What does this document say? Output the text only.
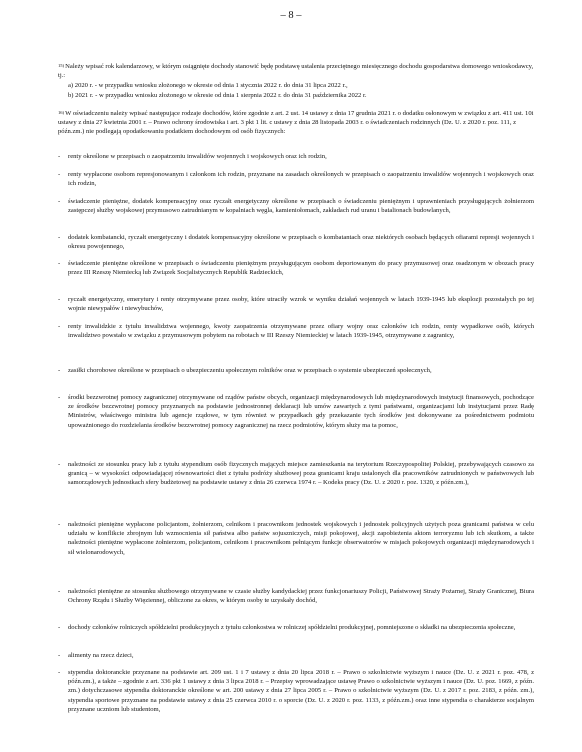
– 8 –
$^{15)}$Należy wpisać rok kalendarzowy, w którym osiągnięte dochody stanowić będę podstawę ustalenia przeciętnego miesięcznego dochodu gospodarstwa domowego wnioskodawcy, tj.:
a) 2020 r. - w przypadku wniosku złożonego w okresie od dnia 1 stycznia 2022 r. do dnia 31 lipca 2022 r.,
b) 2021 r. - w przypadku wniosku złożonego w okresie od dnia 1 sierpnia 2022 r. do dnia 31 października 2022 r.
$^{16)}$W oświadczeniu należy wpisać następujące rodzaje dochodów, które zgodnie z art. 2 ust. 14 ustawy z dnia 17 grudnia 2021 r. o dodatku osłonowym w związku z art. 411 ust. 10i ustawy z dnia 27 kwietnia 2001 r. – Prawo ochrony środowiska i art. 3 pkt 1 lit. c ustawy z dnia 28 listopada 2003 r. o świadczeniach rodzinnych (Dz. U. z 2020 r. poz. 111, z późn.zm.) nie podlegają opodatkowaniu podatkiem dochodowym od osób fizycznych:
-	renty określone w przepisach o zaopatrzeniu inwalidów wojennych i wojskowych oraz ich rodzin,
-	renty wypłacone osobom represjonowanym i członkom ich rodzin, przyznane na zasadach określonych w przepisach o zaopatrzeniu inwalidów wojennych i wojskowych oraz ich rodzin,
-	świadczenie pieniężne, dodatek kompensacyjny oraz ryczałt energetyczny określone w przepisach o świadczeniu pieniężnym i uprawnieniach przysługujących żołnierzom zastępczej służby wojskowej przymusowo zatrudnianym w kopalniach węgla, kamieniołomach, zakładach rud uranu i batalionach budowlanych,
-	dodatek kombatancki, ryczałt energetyczny i dodatek kompensacyjny określone w przepisach o kombatantach oraz niektórych osobach będących ofiarami represji wojennych i okresu powojennego,
-	świadczenie pieniężne określone w przepisach o świadczeniu pieniężnym przysługującym osobom deportowanym do pracy przymusowej oraz osadzonym w obozach pracy przez III Rzeszę Niemiecką lub Związek Socjalistycznych Republik Radzieckich,
-	ryczałt energetyczny, emerytury i renty otrzymywane przez osoby, które utraciły wzrok w wyniku działań wojennych w latach 1939-1945 lub eksplozji pozostałych po tej wojnie niewypałów i niewybuchów,
-	renty inwalidzkie z tytułu inwalidztwa wojennego, kwoty zaopatrzenia otrzymywane przez ofiary wojny oraz członków ich rodzin, renty wypadkowe osób, których inwalidztwo powstało w związku z przymusowym pobytem na robotach w III Rzeszy Niemieckiej w latach 1939-1945, otrzymywane z zagranicy,
-	zasiłki chorobowe określone w przepisach o ubezpieczeniu społecznym rolników oraz w przepisach o systemie ubezpieczeń społecznych,
-	środki bezzwrotnej pomocy zagranicznej otrzymywane od rządów państw obcych, organizacji międzynarodowych lub międzynarodowych instytucji finansowych, pochodzące ze środków bezzwrotnej pomocy przyznanych na podstawie jednostronnej deklaracji lub umów zawartych z tymi państwami, organizacjami lub instytucjami przez Radę Ministrów, właściwego ministra lub agencje rządowe, w tym również w przypadkach gdy przekazanie tych środków jest dokonywane za pośrednictwem podmiotu upoważnionego do rozdzielania środków bezzwrotnej pomocy zagranicznej na rzecz podmiotów, którym służy ma ta pomoc,
-	należności ze stosunku pracy lub z tytułu stypendium osób fizycznych mających miejsce zamieszkania na terytorium Rzeczypospolitej Polskiej, przebywających czasowo za granicą – w wysokości odpowiadającej równowartości diet z tytułu podróży służbowej poza granicami kraju ustalonych dla pracowników zatrudnionych w państwowych lub samorządowych jednostkach sfery budżetowej na podstawie ustawy z dnia 26 czerwca 1974 r. – Kodeks pracy (Dz. U. z 2020 r. poz. 1320, z późn.zm.),
-	należności pieniężne wypłacone policjantom, żołnierzom, celnikom i pracownikom jednostek wojskowych i jednostek policyjnych użytych poza granicami państwa w celu udziału w konflikcie zbrojnym lub wzmocnienia sił państwa albo państw sojuszniczych, misji pokojowej, akcji zapobieżenia aktom terroryzmu lub ich skutkom, a także należności pieniężne wypłacone żołnierzom, policjantom, celnikom i pracownikom pełniącym funkcje obserwatorów w misjach pokojowych organizacji międzynarodowych i sił wielonarodowych,
-	należności pieniężne ze stosunku służbowego otrzymywane w czasie służby kandydackiej przez funkcjonariuszy Policji, Państwowej Straży Pożarnej, Straży Granicznej, Biura Ochrony Rządu i Służby Więziennej, obliczone za okres, w którym osoby te uzyskały dochód,
-	dochody członków rolniczych spółdzielni produkcyjnych z tytułu członkostwa w rolniczej spółdzielni produkcyjnej, pomniejszone o składki na ubezpieczenia społeczne,
-	alimenty na rzecz dzieci,
-	stypendia doktoranckie przyznane na podstawie art. 209 ust. 1 i 7 ustawy z dnia 20 lipca 2018 r. – Prawo o szkolnictwie wyższym i nauce (Dz. U. z 2021 r. poz. 478, z późn.zm.), a także – zgodnie z art. 336 pkt 1 ustawy z dnia 3 lipca 2018 r. – Przepisy wprowadzające ustawę Prawo o szkolnictwie wyższym i nauce (Dz. U. poz. 1669, z późn. zm.) dotychczasowe stypendia doktoranckie określone w art. 200 ustawy z dnia 27 lipca 2005 r. – Prawo o szkolnictwie wyższym (Dz. U. z 2017 r. poz. 2183, z późn. zm.), stypendia sportowe przyznane na podstawie ustawy z dnia 25 czerwca 2010 r. o sporcie (Dz. U. z 2020 r. poz. 1133, z późn.zm.) oraz inne stypendia o charakterze socjalnym przyznane uczniom lub studentom,
